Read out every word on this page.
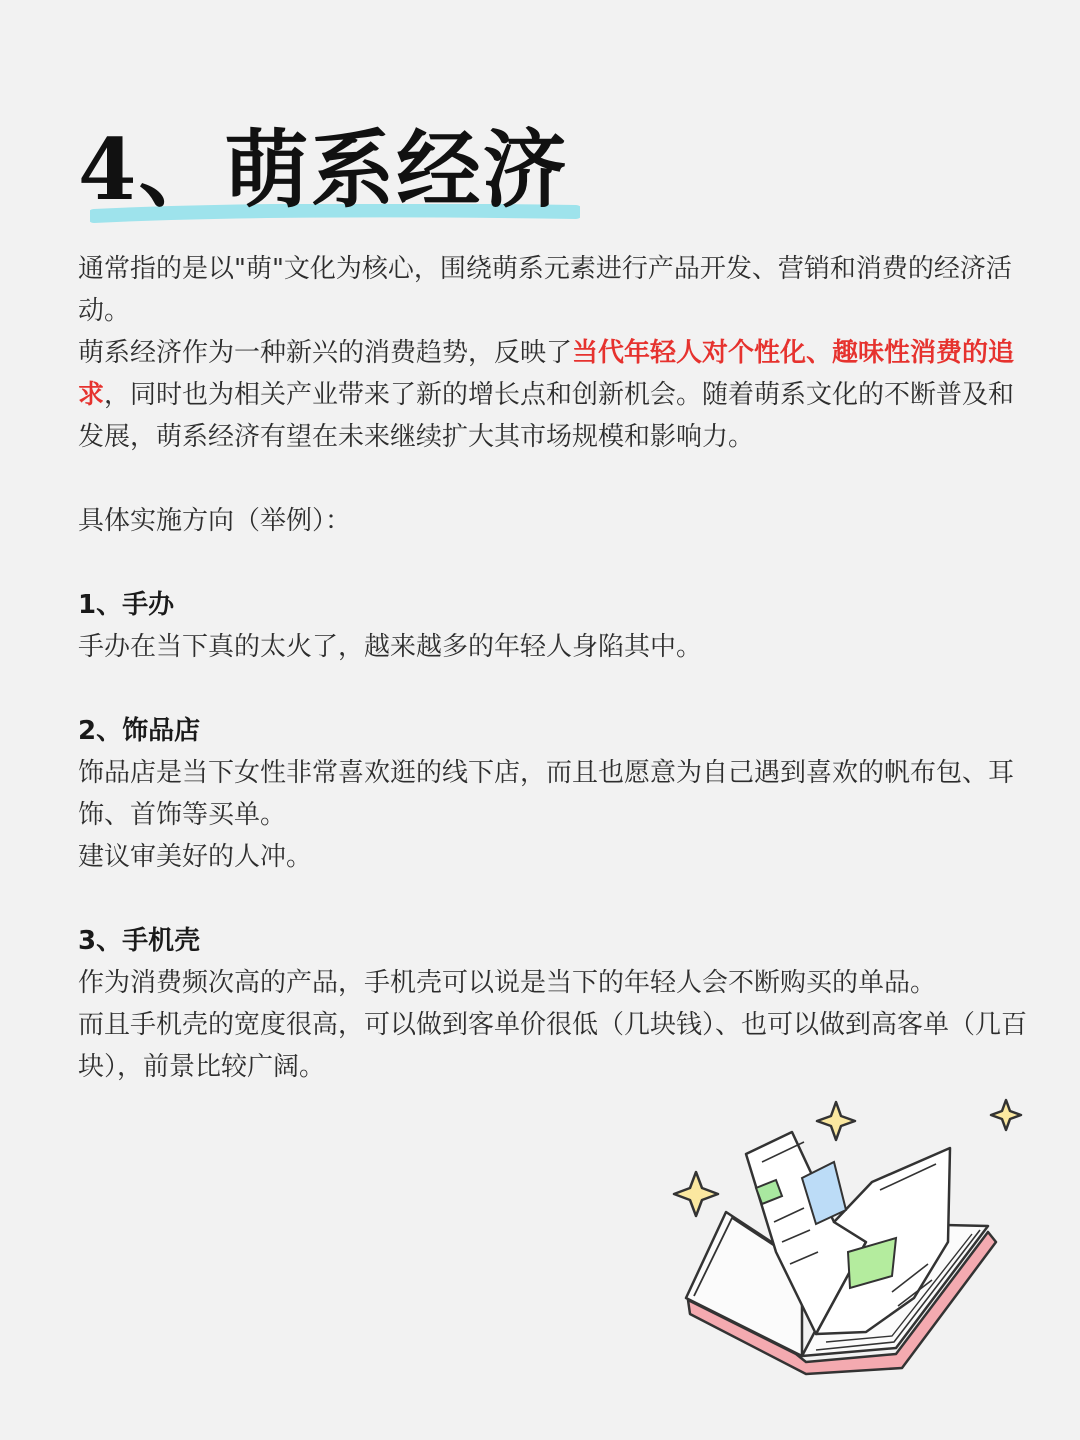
4、萌系经济

通常指的是以"萌"文化为核心，围绕萌系元素进行产品开发、营销和消费的经济活动。

萌系经济作为一种新兴的消费趋势，反映了当代年轻人对个性化、趣味性消费的追求，同时也为相关产业带来了新的增长点和创新机会。随着萌系文化的不断普及和发展，萌系经济有望在未来继续扩大其市场规模和影响力。

具体实施方向（举例）：

1、手办

手办在当下真的太火了，越来越多的年轻人身陷其中。

2、饰品店

饰品店是当下女性非常喜欢逛的线下店，而且也愿意为自己遇到喜欢的帆布包、耳饰、首饰等买单。

建议审美好的人冲。

3、手机壳

作为消费频次高的产品，手机壳可以说是当下的年轻人会不断购买的单品。

而且手机壳的宽度很高，可以做到客单价很低（几块钱）、也可以做到高客单（几百块），前景比较广阔。
